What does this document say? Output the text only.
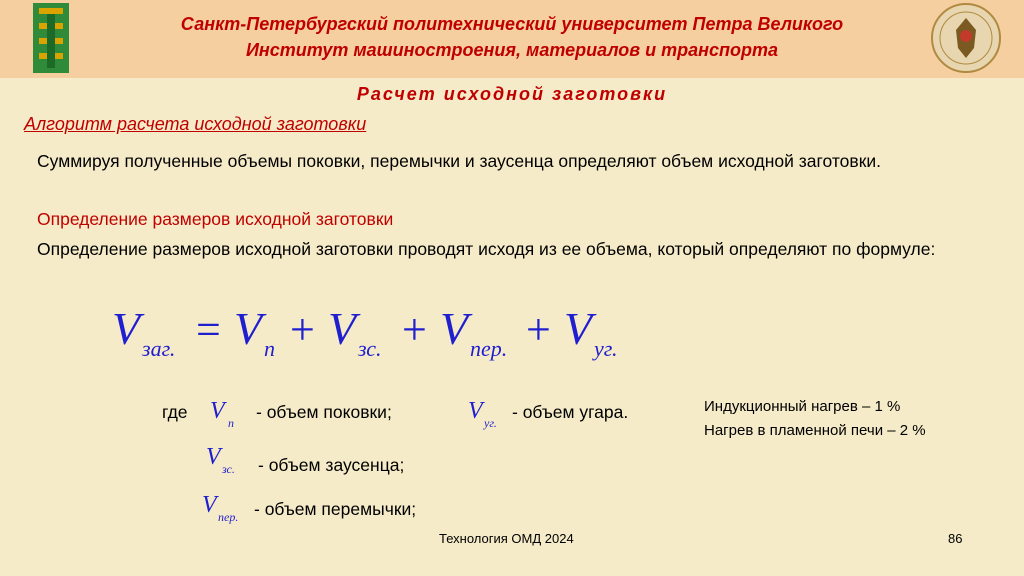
Санкт-Петербургский политехнический университет Петра Великого
Институт машиностроения, материалов и транспорта
Расчет исходной заготовки
Алгоритм расчета исходной заготовки
Суммируя полученные объемы поковки, перемычки и заусенца определяют объем исходной заготовки.
Определение размеров исходной заготовки
Определение размеров исходной заготовки проводят исходя из ее объема, который определяют по формуле:
V заг. = V п + V зс. + V пер. + V уг.
где V п
- объем поковки;	V уг.
- объем угара.
V зс. - объем заусенца;
V пер. - объем перемычки;
Индукционный нагрев – 1 %
Нагрев в пламенной печи – 2 %
Технология ОМД 2024	86
